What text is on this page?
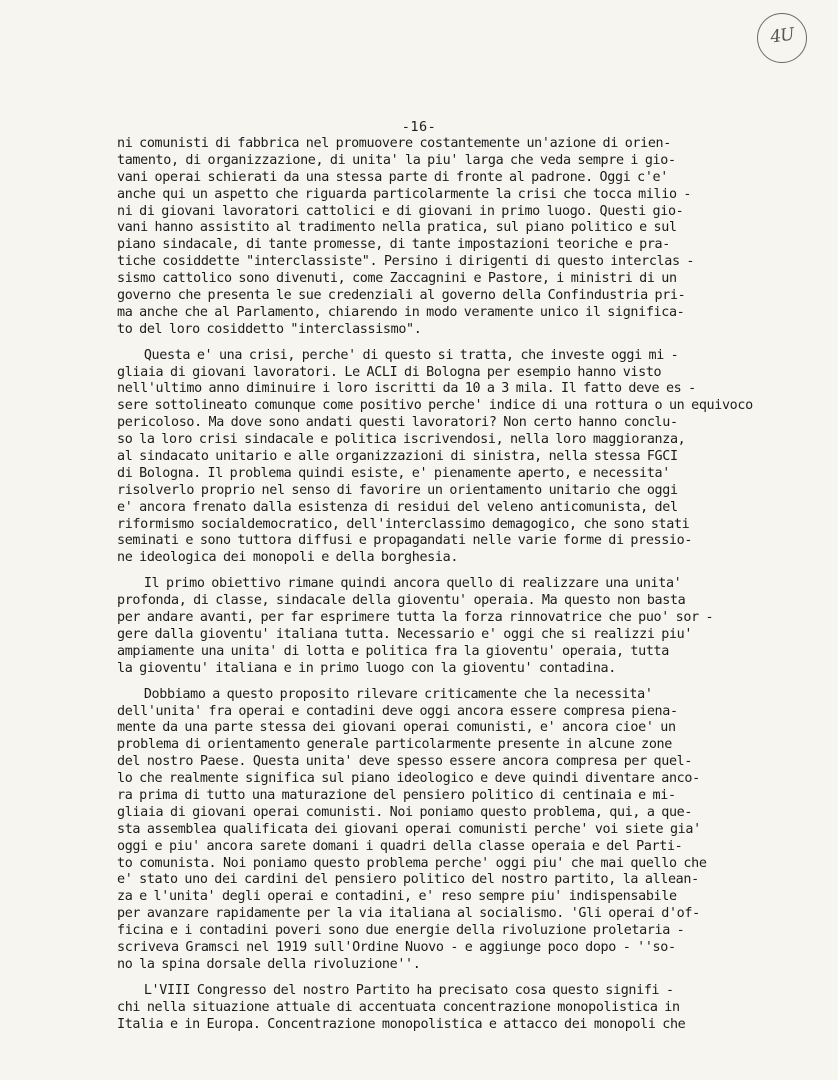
4U
-16-
ni comunisti di fabbrica nel promuovere costantemente un'azione di orien-
tamento, di organizzazione, di unita' la piu' larga che veda sempre i gio-
vani operai schierati da una stessa parte di fronte al padrone. Oggi c'e'
anche qui un aspetto che riguarda particolarmente la crisi che tocca milio -
ni di giovani lavoratori cattolici e di giovani in primo luogo. Questi gio-
vani hanno assistito al tradimento nella pratica, sul piano politico e sul
piano sindacale, di tante promesse, di tante impostazioni teoriche e pra-
tiche cosiddette "interclassiste". Persino i dirigenti di questo interclas -
sismo cattolico sono divenuti, come Zaccagnini e Pastore, i ministri di un
governo che presenta le sue credenziali al governo della Confindustria pri-
ma anche che al Parlamento, chiarendo in modo veramente unico il significa-
to del loro cosiddetto "interclassismo".
Questa e' una crisi, perche' di questo si tratta, che investe oggi mi -
gliaia di giovani lavoratori. Le ACLI di Bologna per esempio hanno visto
nell'ultimo anno diminuire i loro iscritti da 10 a 3 mila. Il fatto deve es -
sere sottolineato comunque come positivo perche' indice di una rottura o un equivoco
pericoloso. Ma dove sono andati questi lavoratori? Non certo hanno conclu-
so la loro crisi sindacale e politica iscrivendosi, nella loro maggioranza,
al sindacato unitario e alle organizzazioni di sinistra, nella stessa FGCI
di Bologna. Il problema quindi esiste, e' pienamente aperto, e necessita'
risolverlo proprio nel senso di favorire un orientamento unitario che oggi
e' ancora frenato dalla esistenza di residui del veleno anticomunista, del
riformismo socialdemocratico, dell'interclassimo demagogico, che sono stati
seminati e sono tuttora diffusi e propagandati nelle varie forme di pressio-
ne ideologica dei monopoli e della borghesia.
Il primo obiettivo rimane quindi ancora quello di realizzare una unita'
profonda, di classe, sindacale della gioventu' operaia. Ma questo non basta
per andare avanti, per far esprimere tutta la forza rinnovatrice che puo' sor -
gere dalla gioventu' italiana tutta. Necessario e' oggi che si realizzi piu'
ampiamente una unita' di lotta e politica fra la gioventu' operaia, tutta
la gioventu' italiana e in primo luogo con la gioventu' contadina.
Dobbiamo a questo proposito rilevare criticamente che la necessita'
dell'unita' fra operai e contadini deve oggi ancora essere compresa piena-
mente da una parte stessa dei giovani operai comunisti, e' ancora cioe' un
problema di orientamento generale particolarmente presente in alcune zone
del nostro Paese. Questa unita' deve spesso essere ancora compresa per quel-
lo che realmente significa sul piano ideologico e deve quindi diventare anco-
ra prima di tutto una maturazione del pensiero politico di centinaia e mi-
gliaia di giovani operai comunisti. Noi poniamo questo problema, qui, a que-
sta assemblea qualificata dei giovani operai comunisti perche' voi siete gia'
oggi e piu' ancora sarete domani i quadri della classe operaia e del Parti-
to comunista. Noi poniamo questo problema perche' oggi piu' che mai quello che
e' stato uno dei cardini del pensiero politico del nostro partito, la allean-
za e l'unita' degli operai e contadini, e' reso sempre piu' indispensabile
per avanzare rapidamente per la via italiana al socialismo. 'Gli operai d'of-
ficina e i contadini poveri sono due energie della rivoluzione proletaria -
scriveva Gramsci nel 1919 sull'Ordine Nuovo - e aggiunge poco dopo - ''so-
no la spina dorsale della rivoluzione''.
L'VIII Congresso del nostro Partito ha precisato cosa questo signifi -
chi nella situazione attuale di accentuata concentrazione monopolistica in
Italia e in Europa. Concentrazione monopolistica e attacco dei monopoli che
